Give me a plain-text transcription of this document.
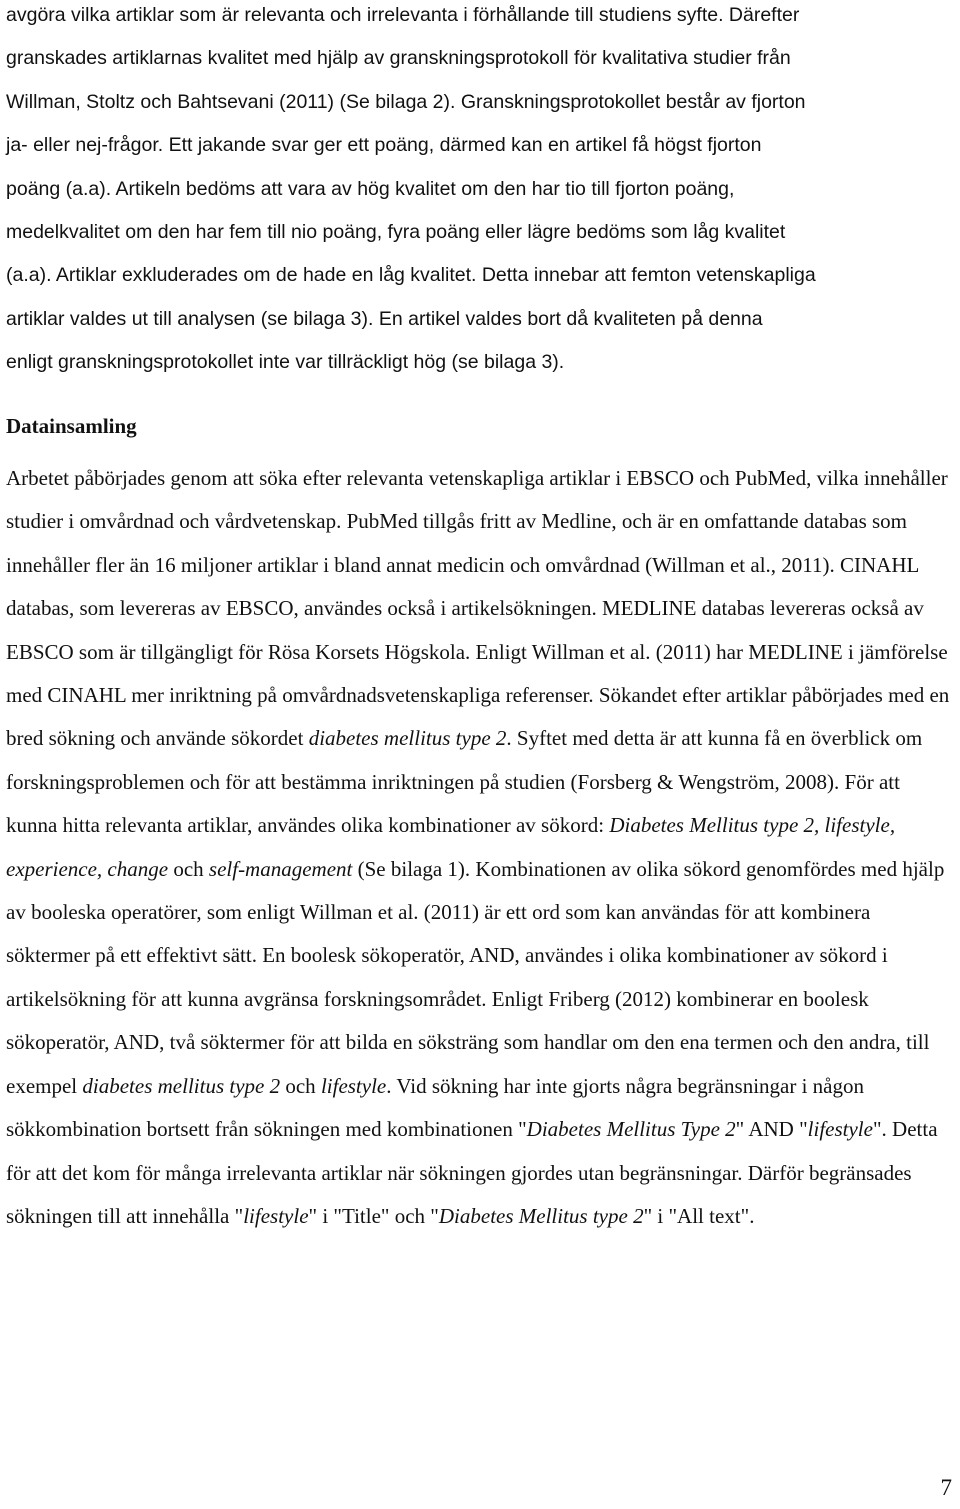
avgöra vilka artiklar som är relevanta och irrelevanta i förhållande till studiens syfte. Därefter
granskades artiklarnas kvalitet med hjälp av granskningsprotokoll för kvalitativa studier från
Willman, Stoltz och Bahtsevani (2011) (Se bilaga 2). Granskningsprotokollet består av fjorton
ja- eller nej-frågor. Ett jakande svar ger ett poäng, därmed kan en artikel få högst fjorton
poäng (a.a). Artikeln bedöms att vara av hög kvalitet om den har tio till fjorton poäng,
medelkvalitet om den har fem till nio poäng, fyra poäng eller lägre bedöms som låg kvalitet
(a.a). Artiklar exkluderades om de hade en låg kvalitet. Detta innebar att femton vetenskapliga
artiklar valdes ut till analysen (se bilaga 3). En artikel valdes bort då kvaliteten på denna
enligt granskningsprotokollet inte var tillräckligt hög (se bilaga 3).
Datainsamling

Arbetet påbörjades genom att söka efter relevanta vetenskapliga artiklar i EBSCO och PubMed, vilka innehåller studier i omvårdnad och vårdvetenskap. PubMed tillgås fritt av Medline, och är en omfattande databas som innehåller fler än 16 miljoner artiklar i bland annat medicin och omvårdnad (Willman et al., 2011). CINAHL databas, som levereras av EBSCO, användes också i artikelsökningen. MEDLINE databas levereras också av EBSCO som är tillgängligt för Rösa Korsets Högskola. Enligt Willman et al. (2011) har MEDLINE i jämförelse med CINAHL mer inriktning på omvårdnadsvetenskapliga referenser. Sökandet efter artiklar påbörjades med en bred sökning och använde sökordet diabetes mellitus type 2. Syftet med detta är att kunna få en överblick om forskningsproblemen och för att bestämma inriktningen på studien (Forsberg & Wengström, 2008). För att kunna hitta relevanta artiklar, användes olika kombinationer av sökord: Diabetes Mellitus type 2, lifestyle, experience, change och self-management (Se bilaga 1). Kombinationen av olika sökord genomfördes med hjälp av booleska operatörer, som enligt Willman et al. (2011) är ett ord som kan användas för att kombinera söktermer på ett effektivt sätt. En boolesk sökoperatör, AND, användes i olika kombinationer av sökord i artikelsökning för att kunna avgränsa forskningsområdet. Enligt Friberg (2012) kombinerar en boolesk sökoperatör, AND, två söktermer för att bilda en söksträng som handlar om den ena termen och den andra, till exempel diabetes mellitus type 2 och lifestyle. Vid sökning har inte gjorts några begränsningar i någon sökkombination bortsett från sökningen med kombinationen "Diabetes Mellitus Type 2" AND "lifestyle". Detta för att det kom för många irrelevanta artiklar när sökningen gjordes utan begränsningar. Därför begränsades sökningen till att innehålla "lifestyle" i "Title" och "Diabetes Mellitus type 2" i "All text".

7
